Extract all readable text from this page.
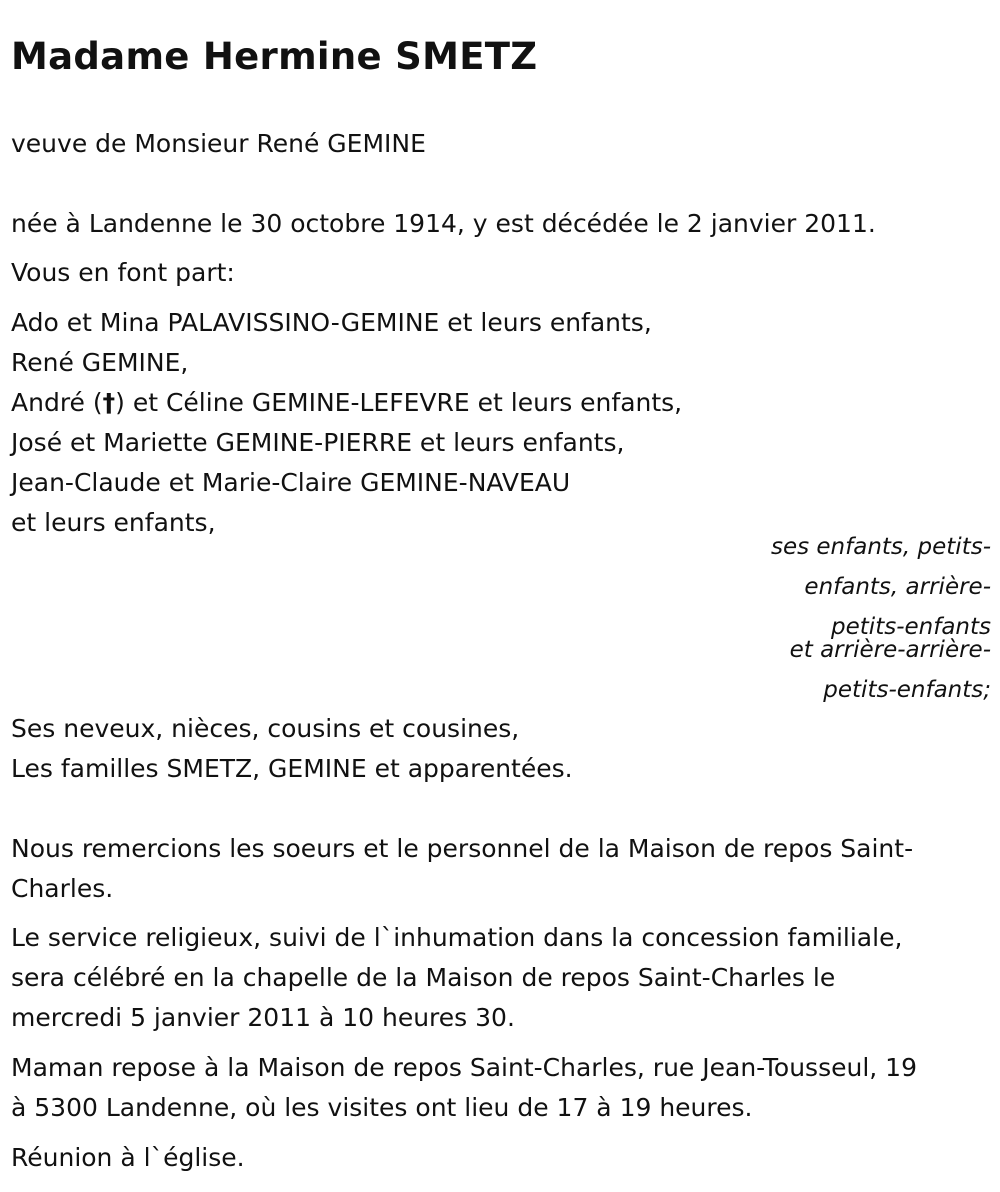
Madame Hermine SMETZ

veuve de Monsieur René GEMINE

née à Landenne le 30 octobre 1914, y est décédée le 2 janvier 2011.

Vous en font part:

Ado et Mina PALAVISSINO-GEMINE et leurs enfants,

René GEMINE,

André (†) et Céline GEMINE-LEFEVRE et leurs enfants,

José et Mariette GEMINE-PIERRE et leurs enfants,

Jean-Claude et Marie-Claire GEMINE-NAVEAU

et leurs enfants,

ses enfants, petits-

enfants, arrière-

petits-enfants

et arrière-arrière-

petits-enfants;

Ses neveux, nièces, cousins et cousines,

Les familles SMETZ, GEMINE et apparentées.

Nous remercions les soeurs et le personnel de la Maison de repos Saint-

Charles.

Le service religieux, suivi de l`inhumation dans la concession familiale,

sera célébré en la chapelle de la Maison de repos Saint-Charles le

mercredi 5 janvier 2011 à 10 heures 30.

Maman repose à la Maison de repos Saint-Charles, rue Jean-Tousseul, 19

à 5300 Landenne, où les visites ont lieu de 17 à 19 heures.

Réunion à l`église.
